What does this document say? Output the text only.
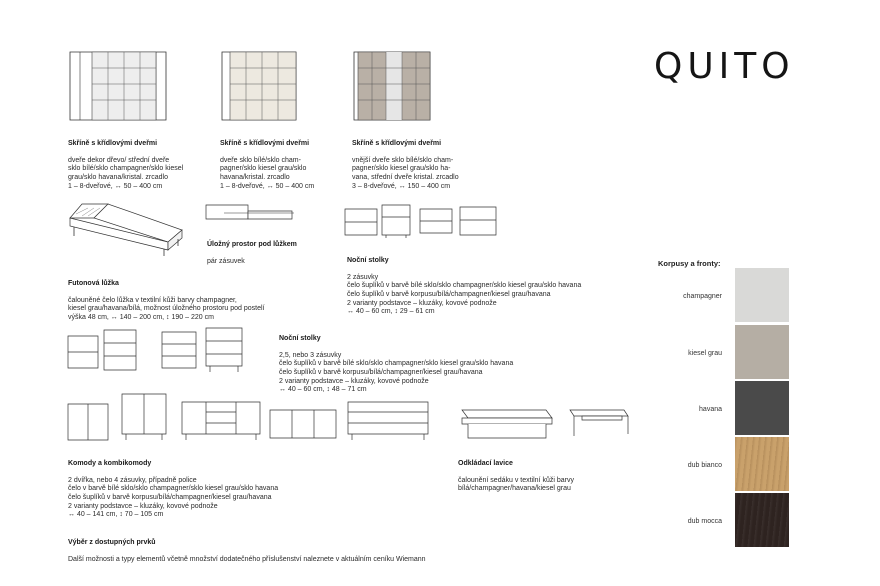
QUITO

Skříně s křídlovými dveřmi

dveře dekor dřevo/ střední dveře
sklo bílé/sklo champagner/sklo kiesel
grau/sklo havana/kristal. zrcadlo
1 – 8-dveřové, ↔ 50 – 400 cm

Skříně s křídlovými dveřmi

dveře sklo bílé/sklo cham-
pagner/sklo kiesel grau/sklo
havana/kristal. zrcadlo
1 – 8-dveřové, ↔ 50 – 400 cm

Skříně s křídlovými dveřmi

vnější dveře sklo bílé/sklo cham-
pagner/sklo kiesel grau/sklo ha-
vana, střední dveře kristal. zrcadlo
3 – 8-dveřové, ↔ 150 – 400 cm

Úložný prostor pod lůžkem

pár zásuvek	Noční stolky

2 zásuvky
čelo šuplíků v barvě bílé sklo/sklo champagner/sklo kiesel grau/sklo havana
čelo šuplíků v barvě korpusu/bílá/champagner/kiesel grau/havana
2 varianty podstavce – kluzáky, kovové podnože
↔ 40 – 60 cm, ↕ 29 – 61 cm

Futonová lůžka

čalouněné čelo lůžka v textilní kůži barvy champagner,
kiesel grau/havana/bílá, možnost úložného prostoru pod postelí
výška 48 cm, ↔ 140 – 200 cm, ↕ 190 – 220 cm

Noční stolky

2,5, nebo 3 zásuvky
čelo šuplíků v barvě bílé sklo/sklo champagner/sklo kiesel grau/sklo havana
čelo šuplíků v barvě korpusu/bílá/champagner/kiesel grau/havana
2 varianty podstavce – kluzáky, kovové podnože
↔ 40 – 60 cm, ↕ 48 – 71 cm

Komody a kombikomody

2 dvířka, nebo 4 zásuvky, případně police
čelo v barvě bílé sklo/sklo champagner/sklo kiesel grau/sklo havana
čelo šuplíků v barvě korpusu/bílá/champagner/kiesel grau/havana
2 varianty podstavce – kluzáky, kovové podnože
↔ 40 – 141 cm, ↕ 70 – 105 cm

Odkládací lavice

čalounění sedáku v textilní kůži barvy
bílá/champagner/havana/kiesel grau

Výběr z dostupných prvků

Další možnosti a typy elementů včetně množství dodatečného příslušenství naleznete v aktuálním ceníku Wiemann

Korpusy a fronty:
champagner
kiesel grau
havana
dub bianco
dub mocca
